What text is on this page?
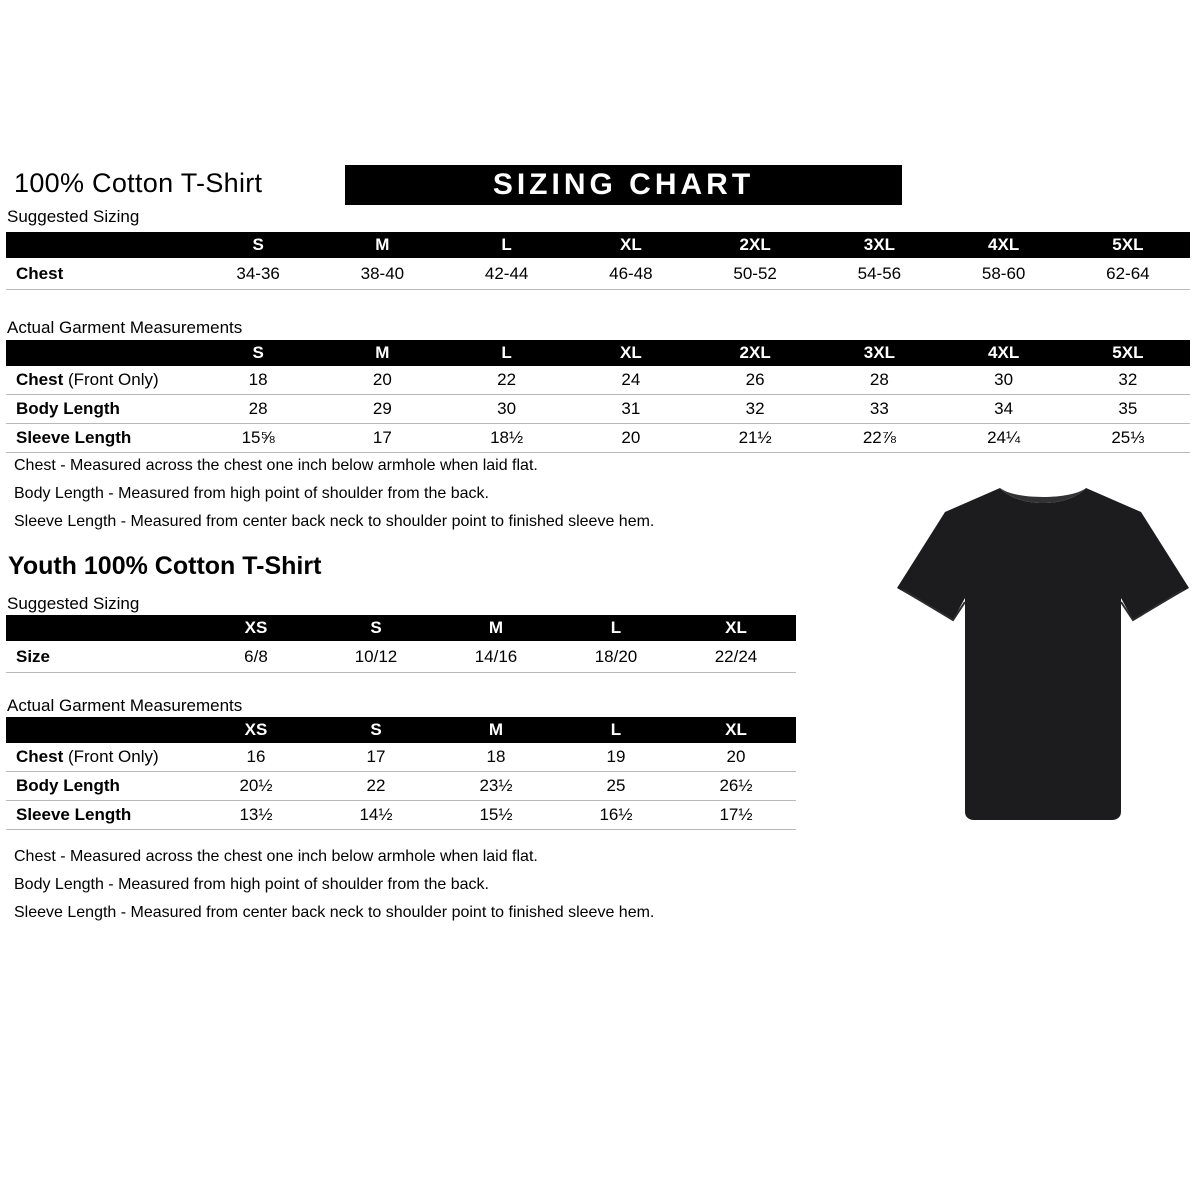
100% Cotton T-Shirt	SIZING CHART
Suggested Sizing
S	M	L	XL	2XL	3XL	4XL	5XL
Chest	34-36	38-40	42-44	46-48	50-52	54-56	58-60	62-64
Actual Garment Measurements
S	M	L	XL	2XL	3XL	4XL	5XL
Chest (Front Only)	18	20	22	24	26	28	30	32
Body Length	28	29	30	31	32	33	34	35
Sleeve Length	15⅝	17	18½	20	21½	22⅞	24¼	25⅓
Chest - Measured across the chest one inch below armhole when laid flat.
Body Length - Measured from high point of shoulder from the back.
Sleeve Length - Measured from center back neck to shoulder point to finished sleeve hem.
Youth 100% Cotton T-Shirt
Suggested Sizing
XS	S	M	L	XL
Size	6/8	10/12	14/16	18/20	22/24
Actual Garment Measurements
XS	S	M	L	XL
Chest (Front Only)	16	17	18	19	20
Body Length	20½	22	23½	25	26½
Sleeve Length	13½	14½	15½	16½	17½
Chest - Measured across the chest one inch below armhole when laid flat.
Body Length - Measured from high point of shoulder from the back.
Sleeve Length - Measured from center back neck to shoulder point to finished sleeve hem.
